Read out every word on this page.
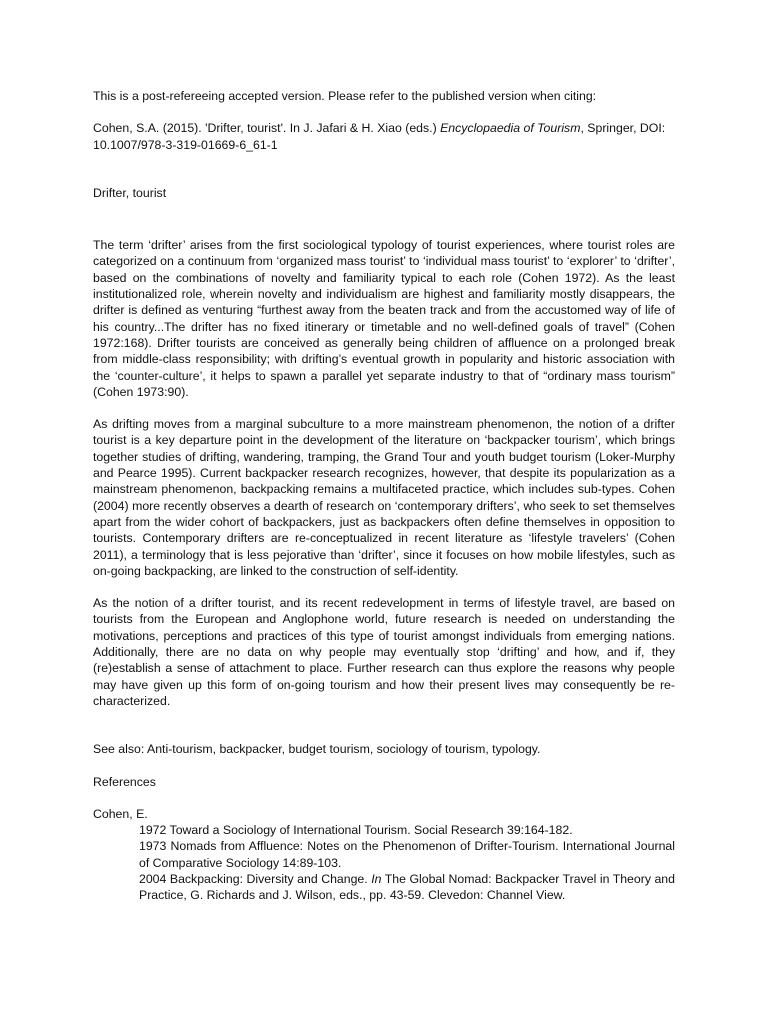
This is a post-refereeing accepted version. Please refer to the published version when citing:

Cohen, S.A. (2015). 'Drifter, tourist'. In J. Jafari & H. Xiao (eds.) Encyclopaedia of Tourism, Springer, DOI: 10.1007/978-3-319-01669-6_61-1

Drifter, tourist

The term ‘drifter’ arises from the first sociological typology of tourist experiences, where tourist roles are categorized on a continuum from ‘organized mass tourist’ to ‘individual mass tourist’ to ‘explorer’ to ‘drifter’, based on the combinations of novelty and familiarity typical to each role (Cohen 1972). As the least institutionalized role, wherein novelty and individualism are highest and familiarity mostly disappears, the drifter is defined as venturing “furthest away from the beaten track and from the accustomed way of life of his country...The drifter has no fixed itinerary or timetable and no well-defined goals of travel” (Cohen 1972:168). Drifter tourists are conceived as generally being children of affluence on a prolonged break from middle-class responsibility; with drifting’s eventual growth in popularity and historic association with the ‘counter-culture’, it helps to spawn a parallel yet separate industry to that of “ordinary mass tourism” (Cohen 1973:90).

As drifting moves from a marginal subculture to a more mainstream phenomenon, the notion of a drifter tourist is a key departure point in the development of the literature on ‘backpacker tourism’, which brings together studies of drifting, wandering, tramping, the Grand Tour and youth budget tourism (Loker-Murphy and Pearce 1995). Current backpacker research recognizes, however, that despite its popularization as a mainstream phenomenon, backpacking remains a multifaceted practice, which includes sub-types. Cohen (2004) more recently observes a dearth of research on ‘contemporary drifters’, who seek to set themselves apart from the wider cohort of backpackers, just as backpackers often define themselves in opposition to tourists. Contemporary drifters are re-conceptualized in recent literature as ‘lifestyle travelers’ (Cohen 2011), a terminology that is less pejorative than ‘drifter’, since it focuses on how mobile lifestyles, such as on-going backpacking, are linked to the construction of self-identity.

As the notion of a drifter tourist, and its recent redevelopment in terms of lifestyle travel, are based on tourists from the European and Anglophone world, future research is needed on understanding the motivations, perceptions and practices of this type of tourist amongst individuals from emerging nations. Additionally, there are no data on why people may eventually stop ‘drifting’ and how, and if, they (re)establish a sense of attachment to place. Further research can thus explore the reasons why people may have given up this form of on-going tourism and how their present lives may consequently be re-characterized.

See also: Anti-tourism, backpacker, budget tourism, sociology of tourism, typology.

References

Cohen, E.

1972 Toward a Sociology of International Tourism. Social Research 39:164-182.

1973 Nomads from Affluence: Notes on the Phenomenon of Drifter-Tourism. International Journal of Comparative Sociology 14:89-103.

2004 Backpacking: Diversity and Change. In The Global Nomad: Backpacker Travel in Theory and Practice, G. Richards and J. Wilson, eds., pp. 43-59. Clevedon: Channel View.
